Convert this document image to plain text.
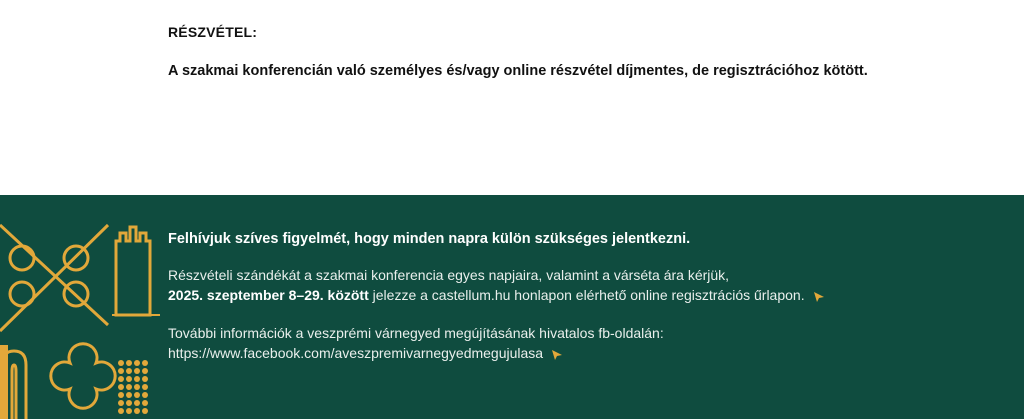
RÉSZVÉTEL:
A szakmai konferencián való személyes és/vagy online részvétel díjmentes, de regisztrációhoz kötött.
Felhívjuk szíves figyelmét, hogy minden napra külön szükséges jelentkezni.
Részvételi szándékát a szakmai konferencia egyes napjaira, valamint a várséta ára kérjük,
2025. szeptember 8–29. között jelezze a castellum.hu honlapon elérhető online regisztrációs űrlapon.
További információk a veszprémi várnegyed megújításának hivatalos fb-oldalán:
https://www.facebook.com/aveszpremivarnegyedmegujulasa
